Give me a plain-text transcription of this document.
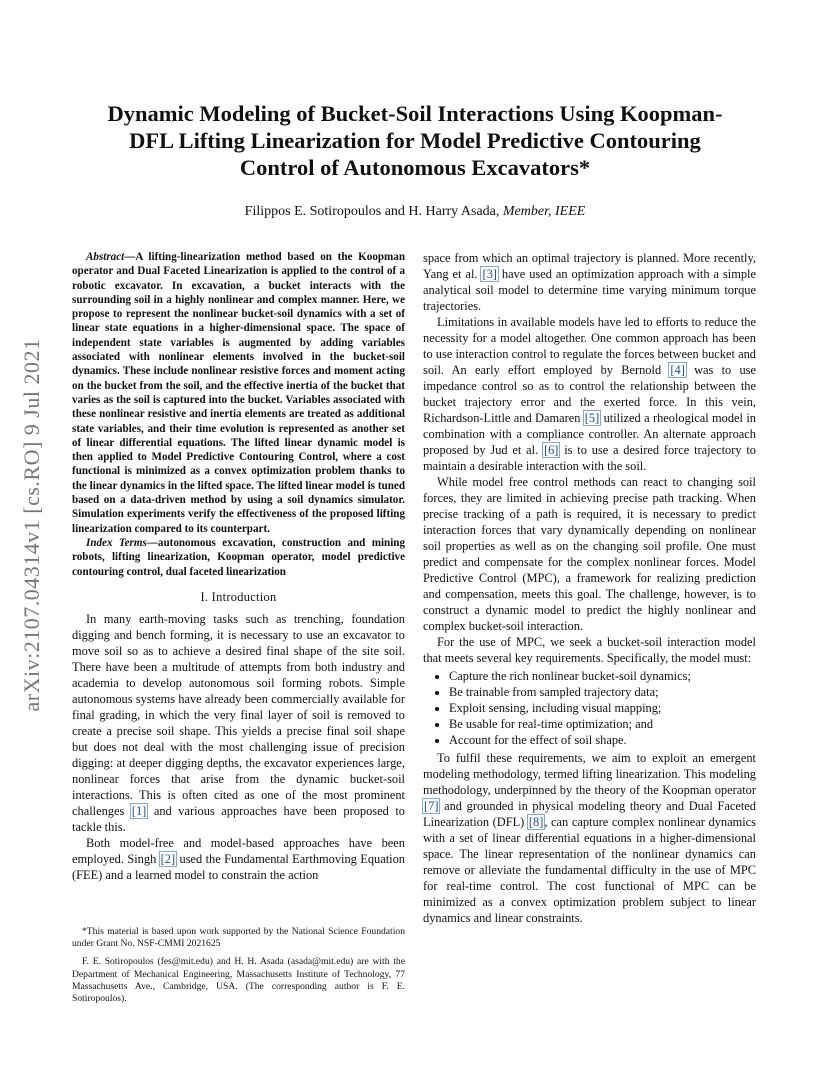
arXiv:2107.04314v1 [cs.RO] 9 Jul 2021
Dynamic Modeling of Bucket-Soil Interactions Using Koopman-DFL Lifting Linearization for Model Predictive Contouring Control of Autonomous Excavators*
Filippos E. Sotiropoulos and H. Harry Asada, Member, IEEE

Abstract—A lifting-linearization method based on the Koopman operator and Dual Faceted Linearization is applied to the control of a robotic excavator. In excavation, a bucket interacts with the surrounding soil in a highly nonlinear and complex manner. Here, we propose to represent the nonlinear bucket-soil dynamics with a set of linear state equations in a higher-dimensional space. The space of independent state variables is augmented by adding variables associated with nonlinear elements involved in the bucket-soil dynamics. These include nonlinear resistive forces and moment acting on the bucket from the soil, and the effective inertia of the bucket that varies as the soil is captured into the bucket. Variables associated with these nonlinear resistive and inertia elements are treated as additional state variables, and their time evolution is represented as another set of linear differential equations. The lifted linear dynamic model is then applied to Model Predictive Contouring Control, where a cost functional is minimized as a convex optimization problem thanks to the linear dynamics in the lifted space. The lifted linear model is tuned based on a data-driven method by using a soil dynamics simulator. Simulation experiments verify the effectiveness of the proposed lifting linearization compared to its counterpart.

Index Terms—autonomous excavation, construction and mining robots, lifting linearization, Koopman operator, model predictive contouring control, dual faceted linearization

I. Introduction

In many earth-moving tasks such as trenching, foundation digging and bench forming, it is necessary to use an excavator to move soil so as to achieve a desired final shape of the site soil. There have been a multitude of attempts from both industry and academia to develop autonomous soil forming robots. Simple autonomous systems have already been commercially available for final grading, in which the very final layer of soil is removed to create a precise soil shape. This yields a precise final soil shape but does not deal with the most challenging issue of precision digging: at deeper digging depths, the excavator experiences large, nonlinear forces that arise from the dynamic bucket-soil interactions. This is often cited as one of the most prominent challenges [1] and various approaches have been proposed to tackle this.

Both model-free and model-based approaches have been employed. Singh [2] used the Fundamental Earthmoving Equation (FEE) and a learned model to constrain the action

*This material is based upon work supported by the National Science Foundation under Grant No. NSF-CMMI 2021625

F. E. Sotiropoulos (fes@mit.edu) and H. H. Asada (asada@mit.edu) are with the Department of Mechanical Engineering, Massachusetts Institute of Technology, 77 Massachusetts Ave., Cambridge, USA. (The corresponding author is F. E. Sotiropoulos).

space from which an optimal trajectory is planned. More recently, Yang et al. [3] have used an optimization approach with a simple analytical soil model to determine time varying minimum torque trajectories.

Limitations in available models have led to efforts to reduce the necessity for a model altogether. One common approach has been to use interaction control to regulate the forces between bucket and soil. An early effort employed by Bernold [4] was to use impedance control so as to control the relationship between the bucket trajectory error and the exerted force. In this vein, Richardson-Little and Damaren [5] utilized a rheological model in combination with a compliance controller. An alternate approach proposed by Jud et al. [6] is to use a desired force trajectory to maintain a desirable interaction with the soil.

While model free control methods can react to changing soil forces, they are limited in achieving precise path tracking. When precise tracking of a path is required, it is necessary to predict interaction forces that vary dynamically depending on nonlinear soil properties as well as on the changing soil profile. One must predict and compensate for the complex nonlinear forces. Model Predictive Control (MPC), a framework for realizing prediction and compensation, meets this goal. The challenge, however, is to construct a dynamic model to predict the highly nonlinear and complex bucket-soil interaction.

For the use of MPC, we seek a bucket-soil interaction model that meets several key requirements. Specifically, the model must:

• Capture the rich nonlinear bucket-soil dynamics;
• Be trainable from sampled trajectory data;
• Exploit sensing, including visual mapping;
• Be usable for real-time optimization; and
• Account for the effect of soil shape.

To fulfil these requirements, we aim to exploit an emergent modeling methodology, termed lifting linearization. This modeling methodology, underpinned by the theory of the Koopman operator [7] and grounded in physical modeling theory and Dual Faceted Linearization (DFL) [8], can capture complex nonlinear dynamics with a set of linear differential equations in a higher-dimensional space. The linear representation of the nonlinear dynamics can remove or alleviate the fundamental difficulty in the use of MPC for real-time control. The cost functional of MPC can be minimized as a convex optimization problem subject to linear dynamics and linear constraints.
